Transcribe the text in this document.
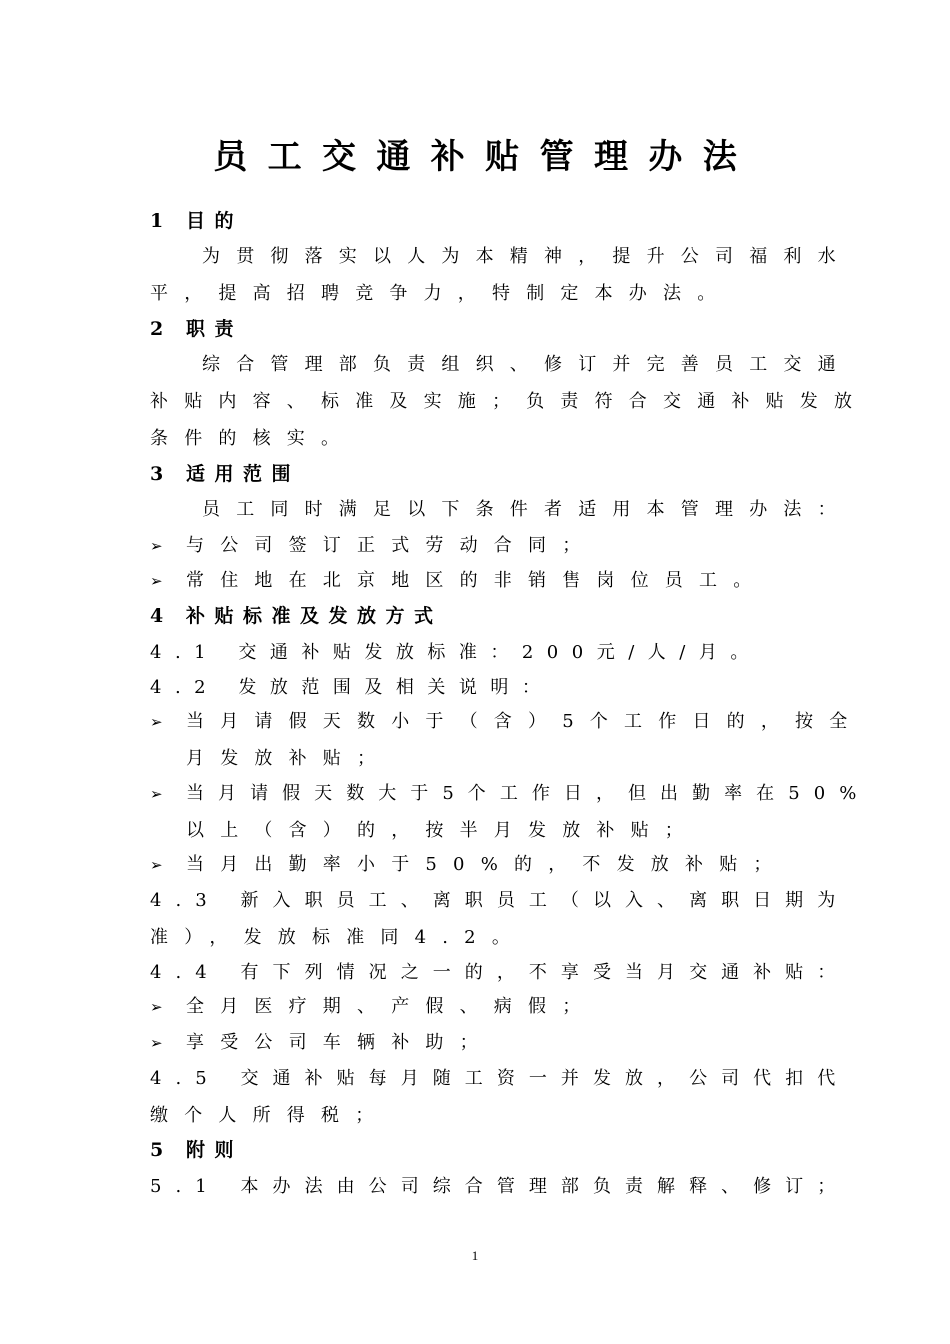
员工交通补贴管理办法
1 目的
为贯彻落实以人为本精神，提升公司福利水
平，提高招聘竞争力，特制定本办法。
2 职责
综合管理部负责组织、修订并完善员工交通
补贴内容、标准及实施；负责符合交通补贴发放
条件的核实。
3 适用范围
员工同时满足以下条件者适用本管理办法：
➢ 与公司签订正式劳动合同；
➢ 常住地在北京地区的非销售岗位员工。
4 补贴标准及发放方式
4.1 交通补贴发放标准：200元/人/月。
4.2 发放范围及相关说明：
➢ 当月请假天数小于（含）5个工作日的，按全
月发放补贴；
➢ 当月请假天数大于5个工作日，但出勤率在50%
以上（含）的，按半月发放补贴；
➢ 当月出勤率小于50%的，不发放补贴；
4.3 新入职员工、离职员工（以入、离职日期为
准），发放标准同4.2。
4.4 有下列情况之一的，不享受当月交通补贴：
➢ 全月医疗期、产假、病假；
➢ 享受公司车辆补助；
4.5 交通补贴每月随工资一并发放，公司代扣代
缴个人所得税；
5 附则
5.1 本办法由公司综合管理部负责解释、修订；
1
